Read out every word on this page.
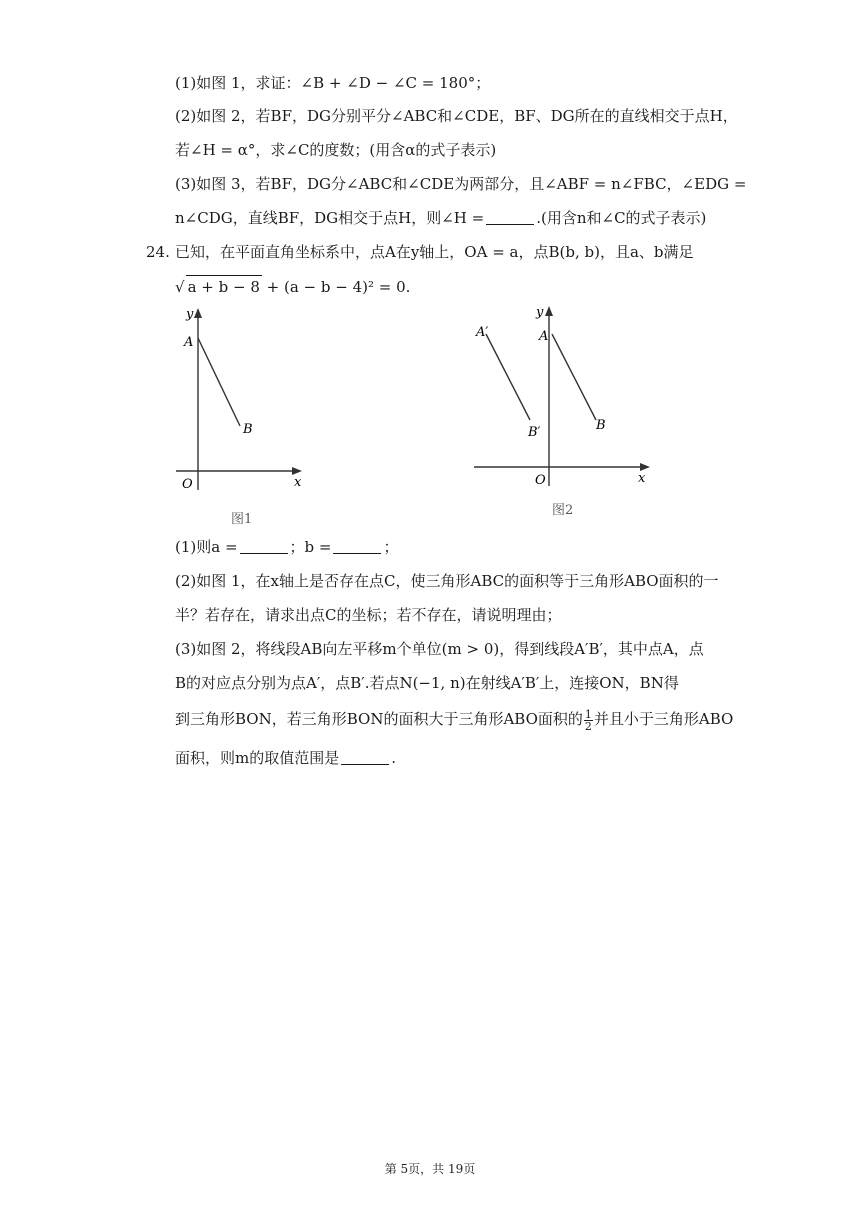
(1)如图 1，求证：∠B + ∠D − ∠C = 180°；
(2)如图 2，若BF，DG分别平分∠ABC和∠CDE，BF、DG所在的直线相交于点H，
若∠H = α°，求∠C的度数；(用含α的式子表示)
(3)如图 3，若BF，DG分∠ABC和∠CDE为两部分，且∠ABF = n∠FBC，∠EDG =
n∠CDG，直线BF，DG相交于点H，则∠H =	.(用含n和∠C的式子表示)
24. 已知，在平面直角坐标系中，点A在y轴上，OA = a，点B(b, b)，且a、b满足
√ a + b − 8 + (a − b − 4)² = 0.
y
x
O
A
B
图1
y
x
O
A
B
A′
B′
图2
(1)则a =	；b =	；
(2)如图 1，在x轴上是否存在点C，使三角形ABC的面积等于三角形ABO面积的一
半？若存在，请求出点C的坐标；若不存在，请说明理由；
(3)如图 2，将线段AB向左平移m个单位(m > 0)，得到线段A′B′，其中点A，点
B的对应点分别为点A′，点B′.若点N(−1, n)在射线A′B′上，连接ON，BN得
到三角形BON，若三角形BON的面积大于三角形ABO面积的 $\frac{1}{2}$ 并且小于三角形ABO
面积，则m的取值范围是	.
第 5页，共 19页
